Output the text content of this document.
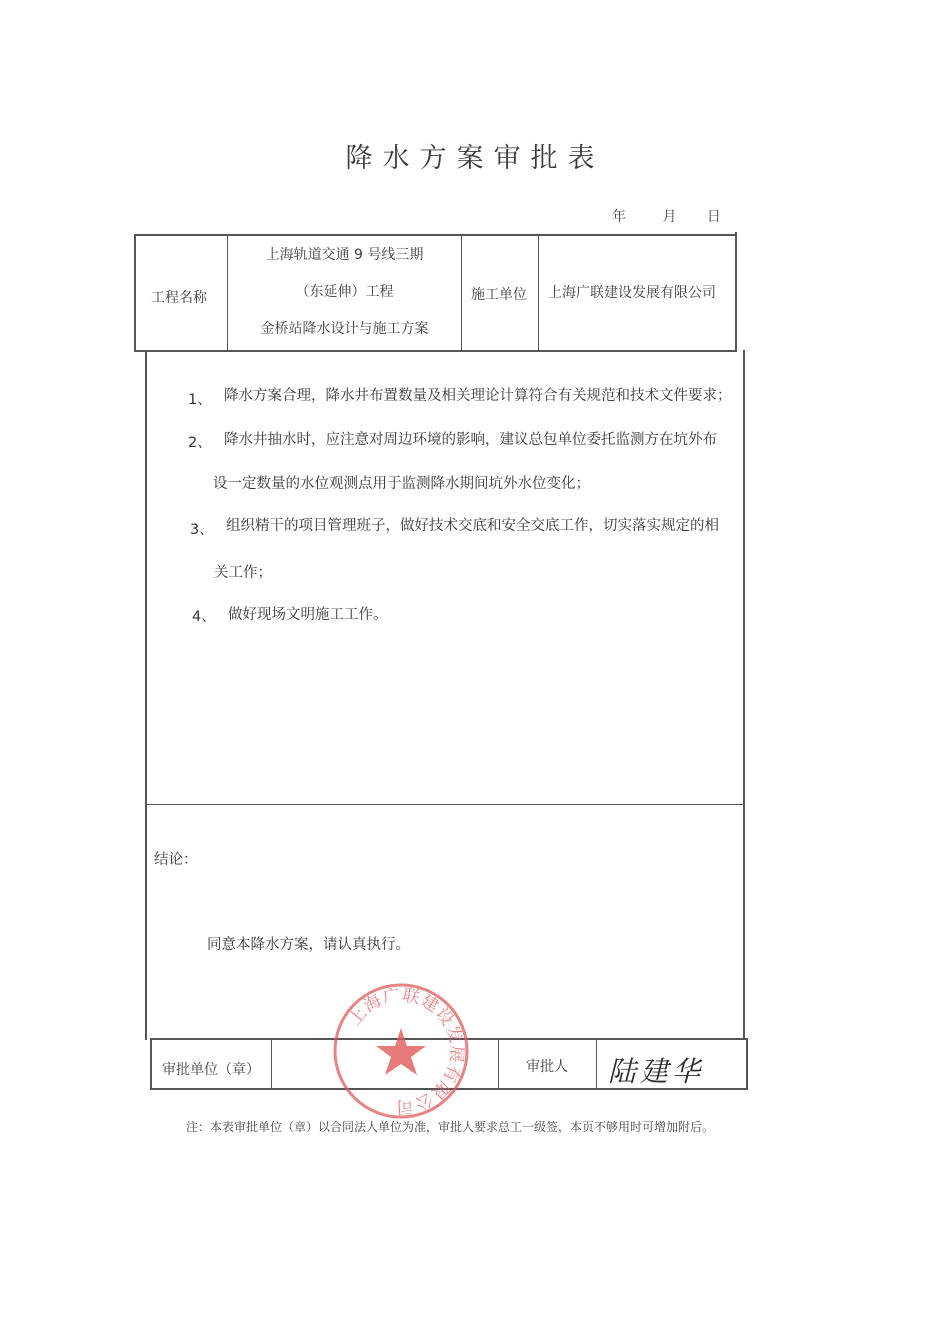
降水方案审批表
年	月 日
工程名称
上海轨道交通 9 号线三期
（东延伸）工程
金桥站降水设计与施工方案
施工单位 上海广联建设发展有限公司
1、 降水方案合理，降水井布置数量及相关理论计算符合有关规范和技术文件要求；
2、 降水井抽水时，应注意对周边环境的影响，建议总包单位委托监测方在坑外布
设一定数量的水位观测点用于监测降水期间坑外水位变化；
3、 组织精干的项目管理班子，做好技术交底和安全交底工作，切实落实规定的相
关工作；
4、 做好现场文明施工工作。
结论：
同意本降水方案，请认真执行。
审批单位（章）	审批人 陆建华
上海广联建设发展有限公司
注：本表审批单位（章）以合同法人单位为准，审批人要求总工一级签，本页不够用时可增加附后。
